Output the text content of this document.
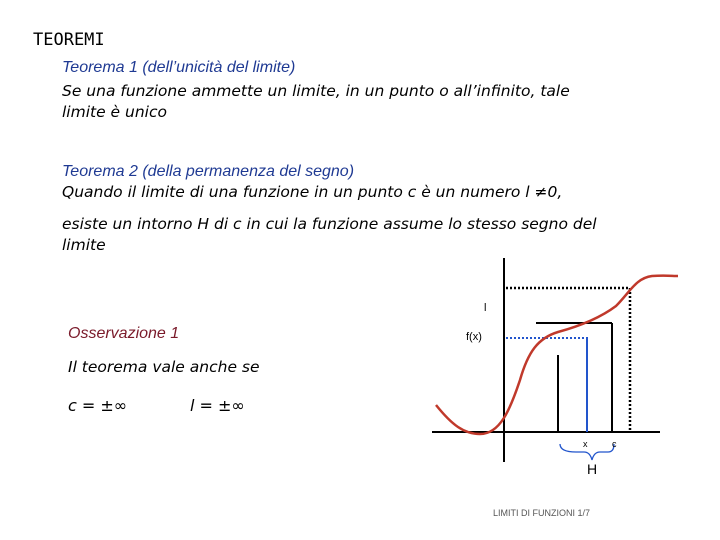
TEOREMI
Teorema 1 (dell’unicità del limite)
Se una funzione ammette un limite, in un punto o all’infinito, tale
limite è unico
Teorema 2 (della permanenza del segno)
Quando il limite di una funzione in un punto c è un numero l ≠0,
esiste un intorno H di c in cui la funzione assume lo stesso segno del
limite
Osservazione 1
Il teorema vale anche se
c = ±∞	l = ±∞
l
f(x)
x	c
H
LIMITI DI FUNZIONI 1/7
